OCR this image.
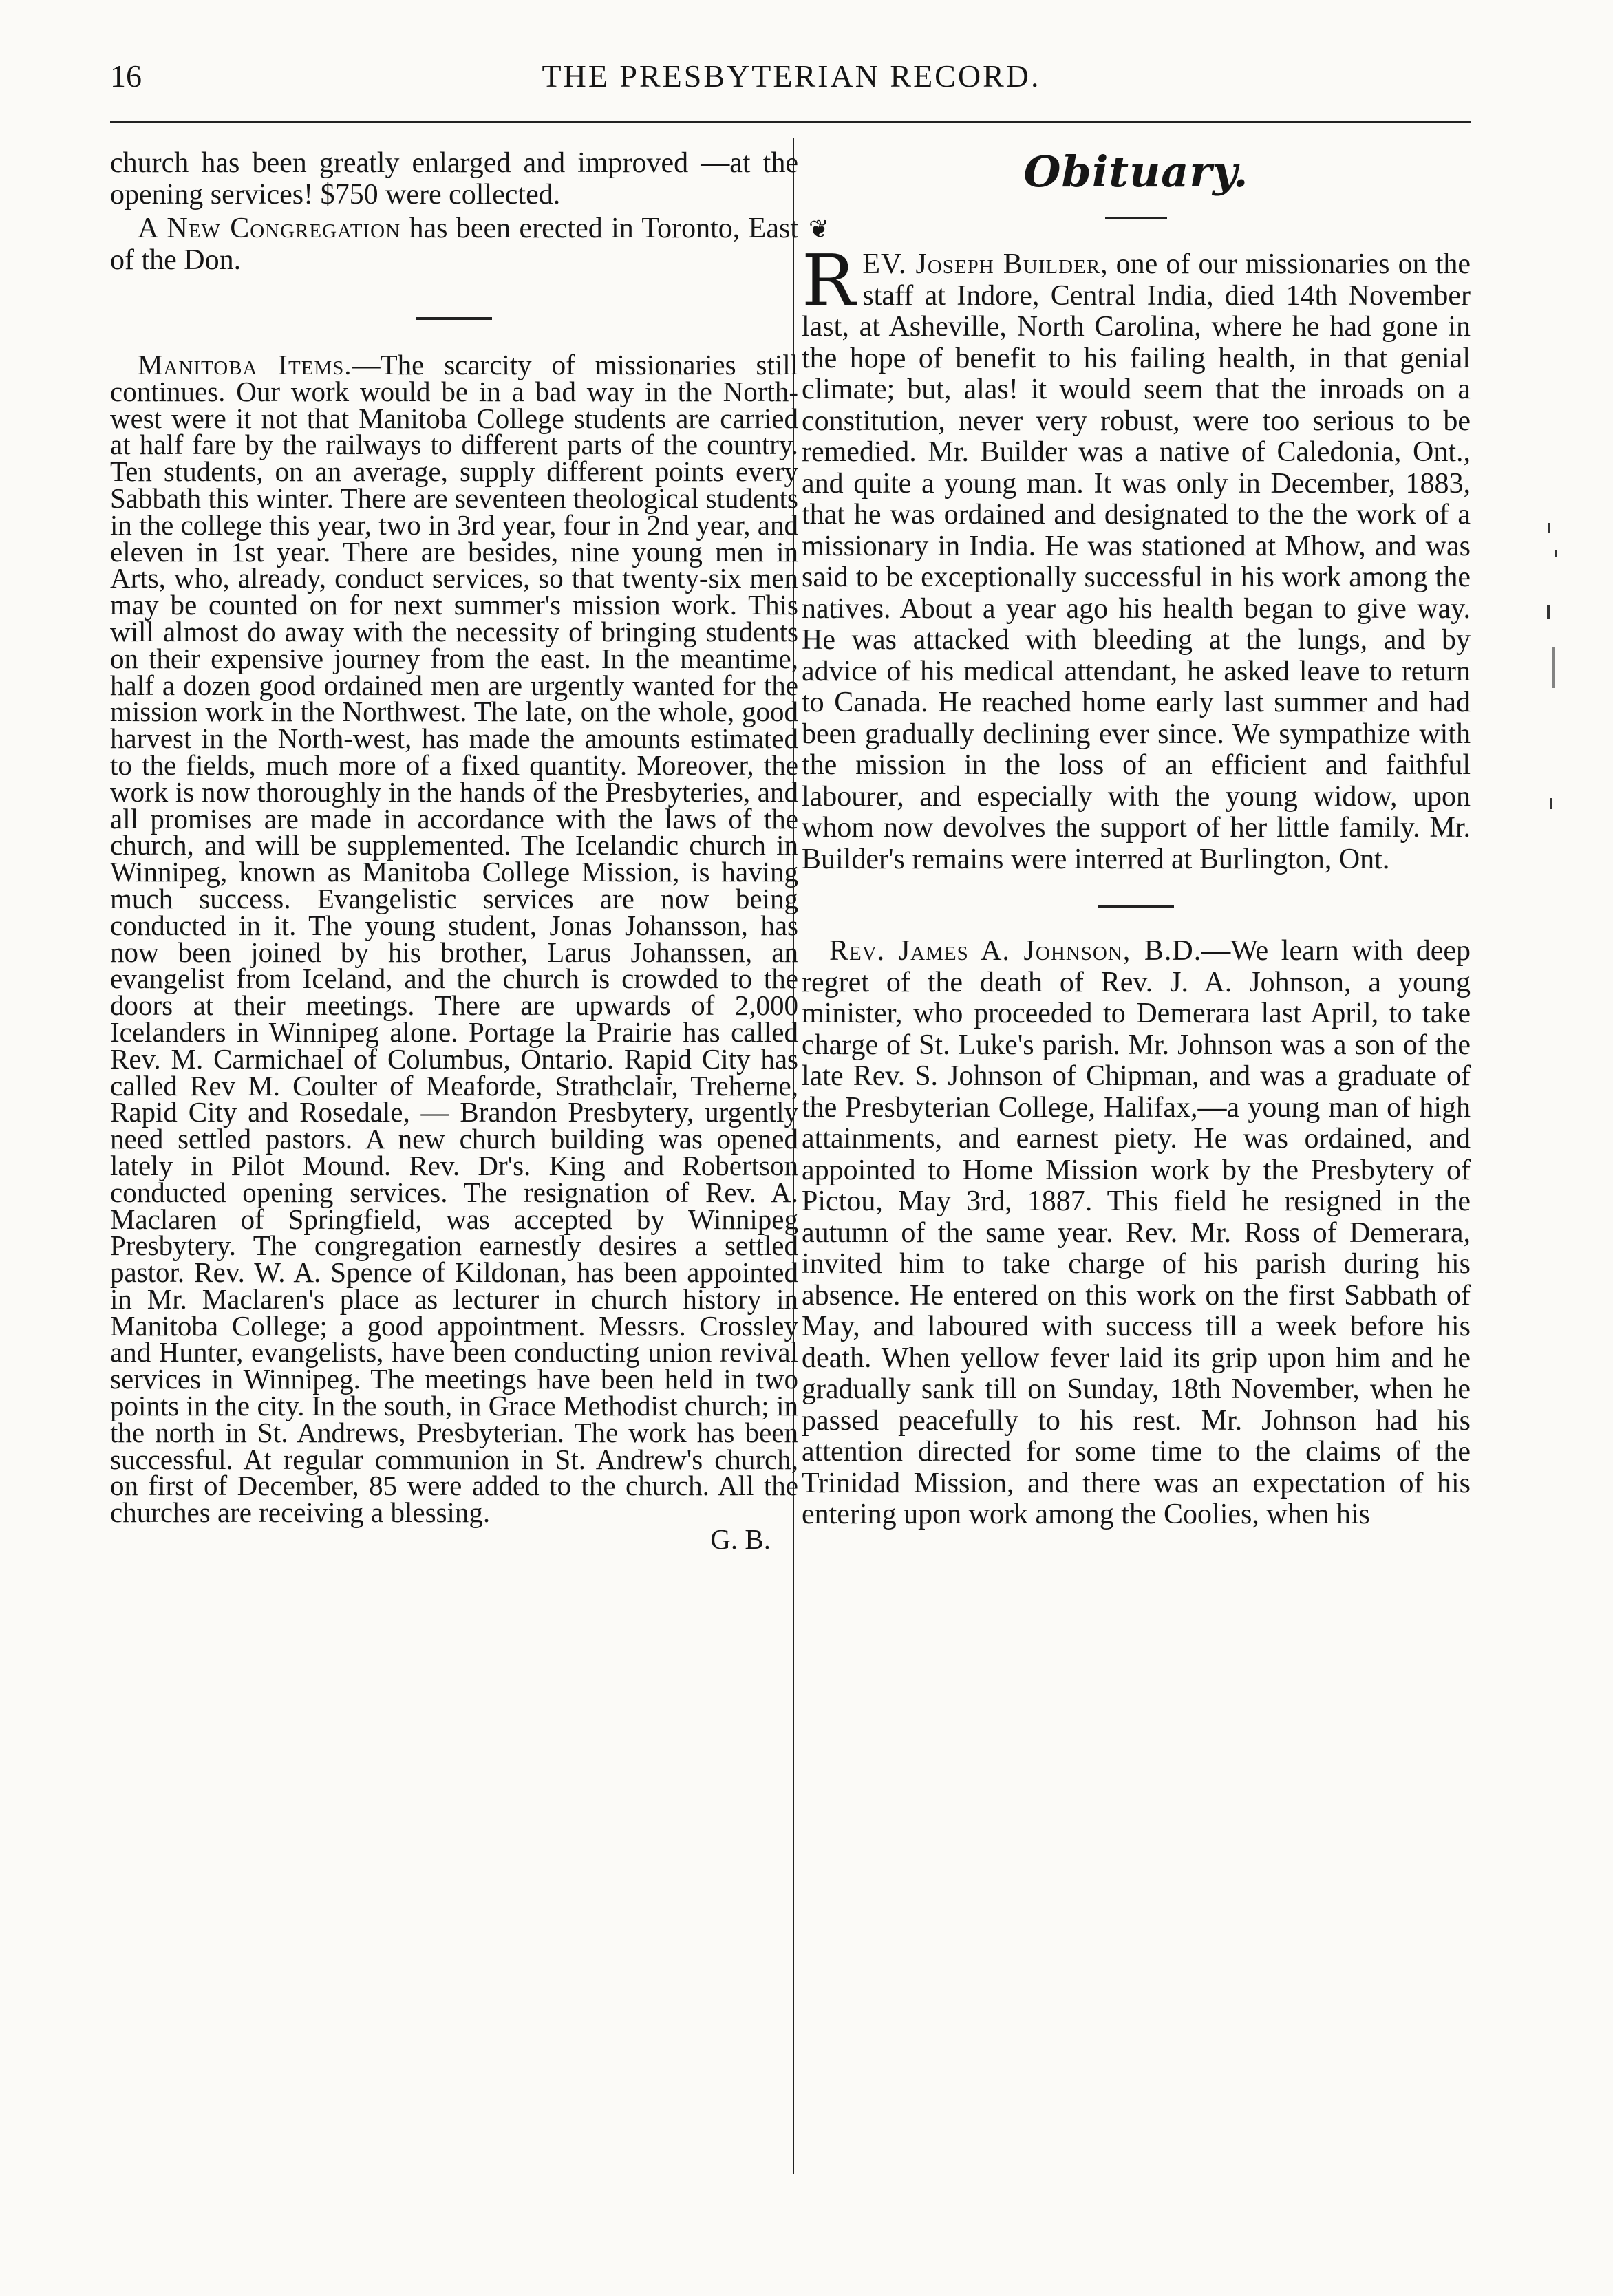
16	THE PRESBYTERIAN RECORD.

church has been greatly enlarged and improved —at the opening services! $750 were collected.

A New Congregation has been erected in Toronto, East of the Don.

Manitoba Items.—The scarcity of missionaries still continues. Our work would be in a bad way in the North-west were it not that Manitoba College students are carried at half fare by the railways to different parts of the country. Ten students, on an average, supply different points every Sabbath this winter. There are seventeen theological students in the college this year, two in 3rd year, four in 2nd year, and eleven in 1st year. There are besides, nine young men in Arts, who, already, conduct services, so that twenty-six men may be counted on for next summer's mission work. This will almost do away with the necessity of bringing students on their expensive journey from the east. In the meantime, half a dozen good ordained men are urgently wanted for the mission work in the Northwest. The late, on the whole, good harvest in the North-west, has made the amounts estimated to the fields, much more of a fixed quantity. Moreover, the work is now thoroughly in the hands of the Presbyteries, and all promises are made in accordance with the laws of the church, and will be supplemented. The Icelandic church in Winnipeg, known as Manitoba College Mission, is having much success. Evangelistic services are now being conducted in it. The young student, Jonas Johansson, has now been joined by his brother, Larus Johanssen, an evangelist from Iceland, and the church is crowded to the doors at their meetings. There are upwards of 2,000 Icelanders in Winnipeg alone. Portage la Prairie has called Rev. M. Carmichael of Columbus, Ontario. Rapid City has called Rev M. Coulter of Meaforde, Strathclair, Treherne, Rapid City and Rosedale, — Brandon Presbytery, urgently need settled pastors. A new church building was opened lately in Pilot Mound. Rev. Dr's. King and Robertson conducted opening services. The resignation of Rev. A. Maclaren of Springfield, was accepted by Winnipeg Presbytery. The congregation earnestly desires a settled pastor. Rev. W. A. Spence of Kildonan, has been appointed in Mr. Maclaren's place as lecturer in church history in Manitoba College; a good appointment. Messrs. Crossley and Hunter, evangelists, have been conducting union revival services in Winnipeg. The meetings have been held in two points in the city. In the south, in Grace Methodist church; in the north in St. Andrews, Presbyterian. The work has been successful. At regular communion in St. Andrew's church, on first of December, 85 were added to the church. All the churches are receiving a blessing.

G. B.
Obituary.
❦
R EV. Joseph Builder, one of our missionaries on the staff at Indore, Central India, died 14th November last, at Asheville, North Carolina, where he had gone in the hope of benefit to his failing health, in that genial climate; but, alas! it would seem that the inroads on a constitution, never very robust, were too serious to be remedied. Mr. Builder was a native of Caledonia, Ont., and quite a young man. It was only in December, 1883, that he was ordained and designated to the the work of a missionary in India. He was stationed at Mhow, and was said to be exceptionally successful in his work among the natives. About a year ago his health began to give way. He was attacked with bleeding at the lungs, and by advice of his medical attendant, he asked leave to return to Canada. He reached home early last summer and had been gradually declining ever since. We sympathize with the mission in the loss of an efficient and faithful labourer, and especially with the young widow, upon whom now devolves the support of her little family. Mr. Builder's remains were interred at Burlington, Ont.

Rev. James A. Johnson, B.D.—We learn with deep regret of the death of Rev. J. A. Johnson, a young minister, who proceeded to Demerara last April, to take charge of St. Luke's parish. Mr. Johnson was a son of the late Rev. S. Johnson of Chipman, and was a graduate of the Presbyterian College, Halifax,—a young man of high attainments, and earnest piety. He was ordained, and appointed to Home Mission work by the Presbytery of Pictou, May 3rd, 1887. This field he resigned in the autumn of the same year. Rev. Mr. Ross of Demerara, invited him to take charge of his parish during his absence. He entered on this work on the first Sabbath of May, and laboured with success till a week before his death. When yellow fever laid its grip upon him and he gradually sank till on Sunday, 18th November, when he passed peacefully to his rest. Mr. Johnson had his attention directed for some time to the claims of the Trinidad Mission, and there was an expectation of his entering upon work among the Coolies, when his
